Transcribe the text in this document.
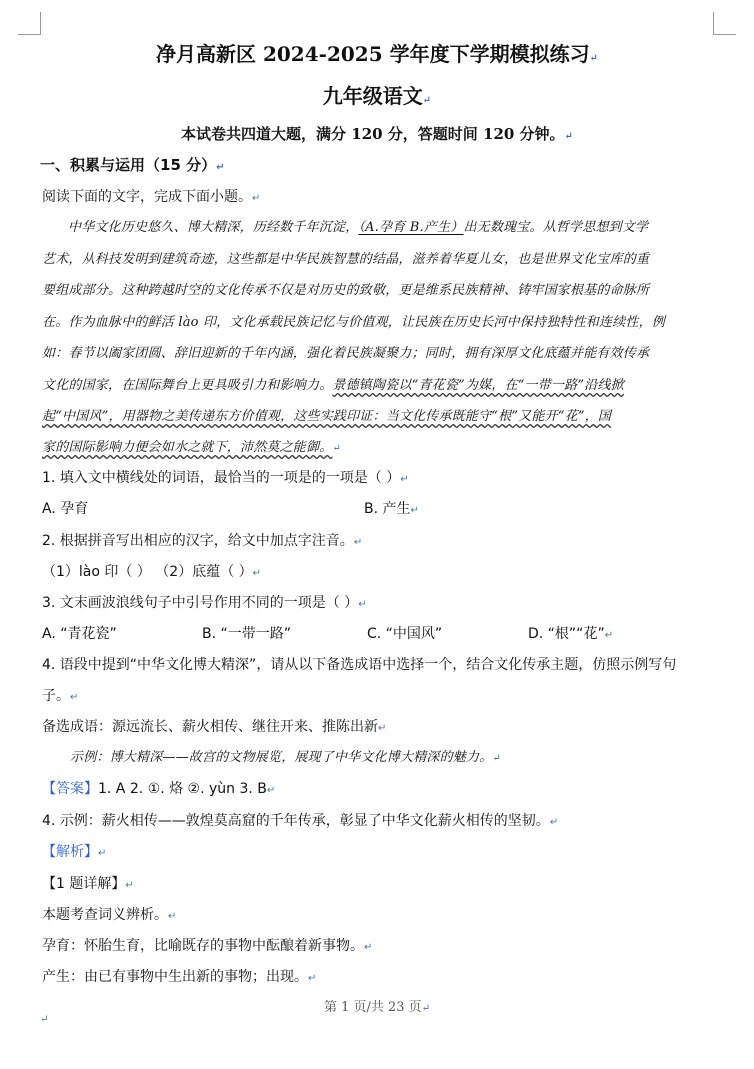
净月高新区 2024-2025 学年度下学期模拟练习↵
九年级语文↵
本试卷共四道大题，满分 120 分，答题时间 120 分钟。↵
一、积累与运用（15 分）↵
阅读下面的文字，完成下面小题。↵
中华文化历史悠久、博大精深，历经数千年沉淀，（A.孕育 B.产生）出无数瑰宝。从哲学思想到文学
艺术，从科技发明到建筑奇迹，这些都是中华民族智慧的结晶，滋养着华夏儿女，也是世界文化宝库的重
要组成部分。这种跨越时空的文化传承不仅是对历史的致敬，更是维系民族精神、铸牢国家根基的命脉所
在。作为血脉中的鲜活 lào 印，文化承载民族记忆与价值观，让民族在历史长河中保持独特性和连续性，例
如：春节以阖家团圆、辞旧迎新的千年内涵，强化着民族凝聚力；同时，拥有深厚文化底蕴并能有效传承
文化的国家，在国际舞台上更具吸引力和影响力。景德镇陶瓷以“青花瓷”为媒，在“一带一路”沿线掀
起“中国风”，用器物之美传递东方价值观，这些实践印证：当文化传承既能守“根”又能开“花”，国
家的国际影响力便会如水之就下，沛然莫之能御。↵
1. 填入文中横线处的词语，最恰当的一项是的一项是（ ）↵
A. 孕育	B. 产生↵
2. 根据拼音写出相应的汉字，给文中加点字注音。↵
（1）lào 印（ ） （2）底蕴（ ）↵
3. 文末画波浪线句子中引号作用不同的一项是（ ）↵
A. “青花瓷”	B. “一带一路”	C. “中国风”	D. “根”“花”↵
4. 语段中提到“中华文化博大精深”，请从以下备选成语中选择一个，结合文化传承主题，仿照示例写句
子。↵
备选成语：源远流长、薪火相传、继往开来、推陈出新↵
示例：博大精深——故宫的文物展览，展现了中华文化博大精深的魅力。↵
【答案】1. A 2. ①. 烙 ②. yùn 3. B↵
4. 示例：薪火相传——敦煌莫高窟的千年传承，彰显了中华文化薪火相传的坚韧。↵
【解析】↵
【1 题详解】↵
本题考查词义辨析。↵
孕育：怀胎生育，比喻既存的事物中酝酿着新事物。↵
产生：由已有事物中生出新的事物；出现。↵
第 1 页/共 23 页↵
↵
